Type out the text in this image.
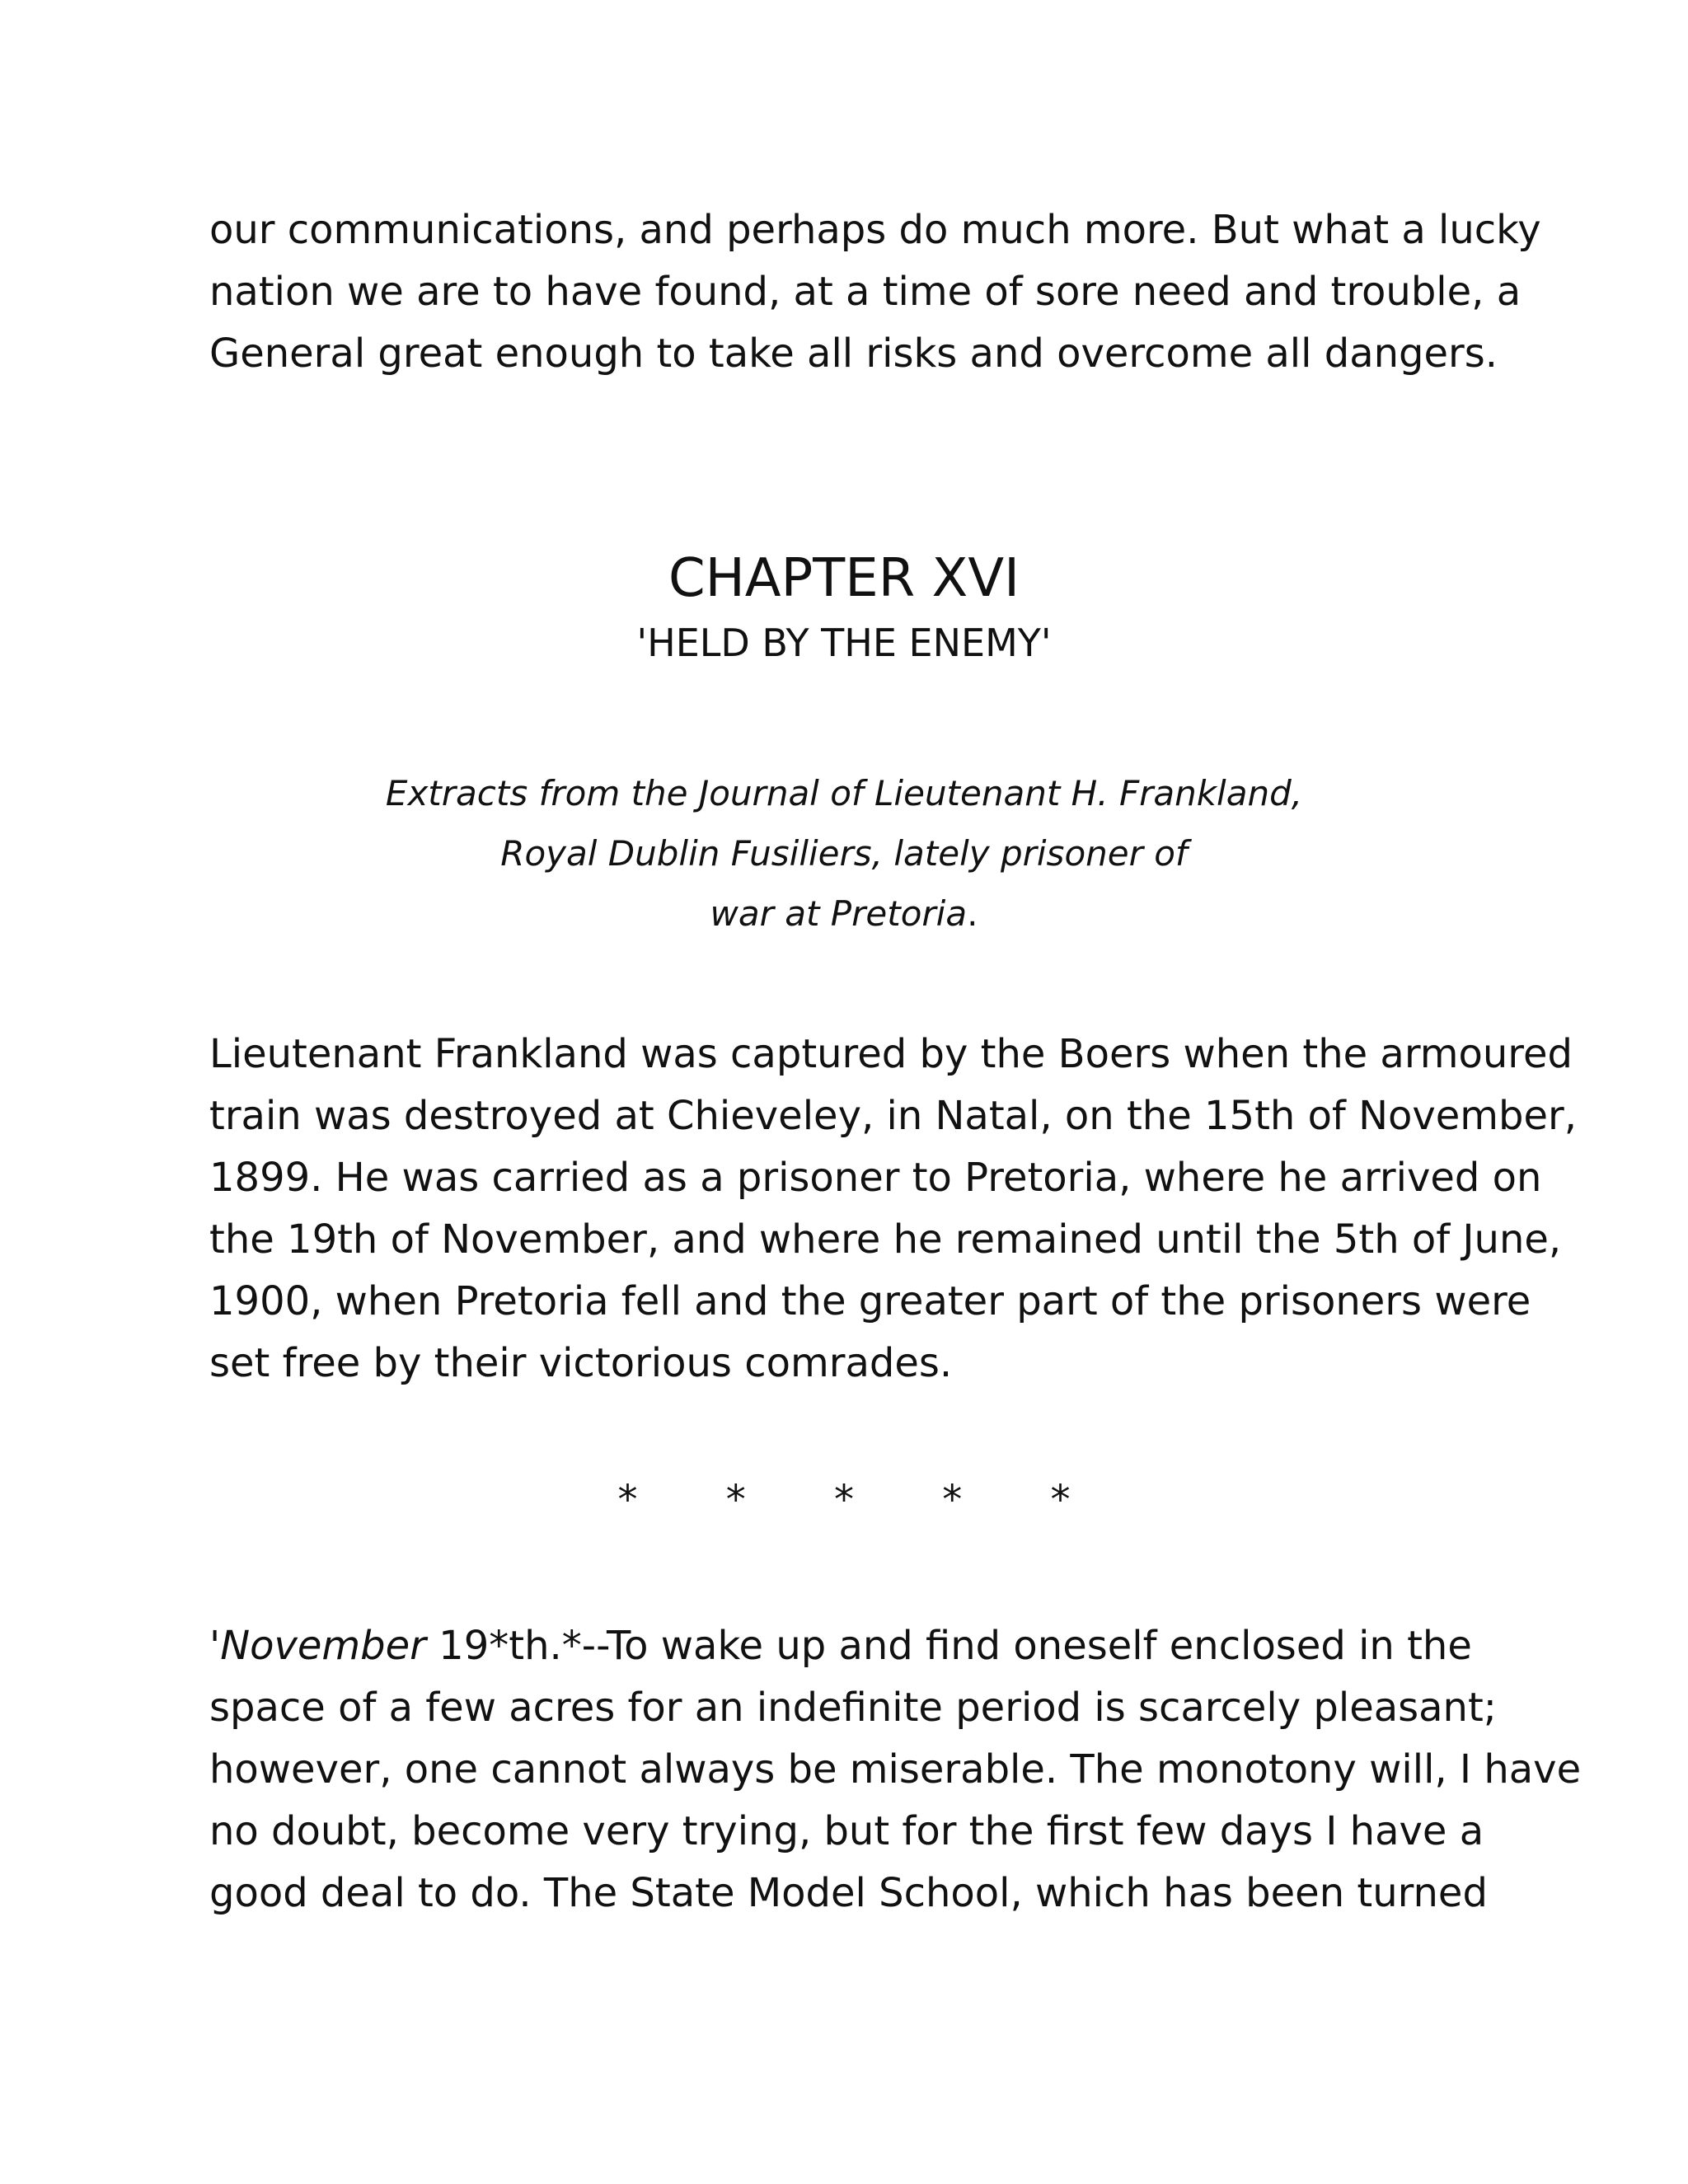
our communications, and perhaps do much more. But what a lucky
nation we are to have found, at a time of sore need and trouble, a
General great enough to take all risks and overcome all dangers.

CHAPTER XVI
'HELD BY THE ENEMY'
Extracts from the Journal of Lieutenant H. Frankland,
Royal Dublin Fusiliers, lately prisoner of
war at Pretoria.

Lieutenant Frankland was captured by the Boers when the armoured
train was destroyed at Chieveley, in Natal, on the 15th of November,
1899. He was carried as a prisoner to Pretoria, where he arrived on
the 19th of November, and where he remained until the 5th of June,
1900, when Pretoria fell and the greater part of the prisoners were
set free by their victorious comrades.

* * * * *

'November 19*th.*--To wake up and find oneself enclosed in the
space of a few acres for an indefinite period is scarcely pleasant;
however, one cannot always be miserable. The monotony will, I have
no doubt, become very trying, but for the first few days I have a
good deal to do. The State Model School, which has been turned
